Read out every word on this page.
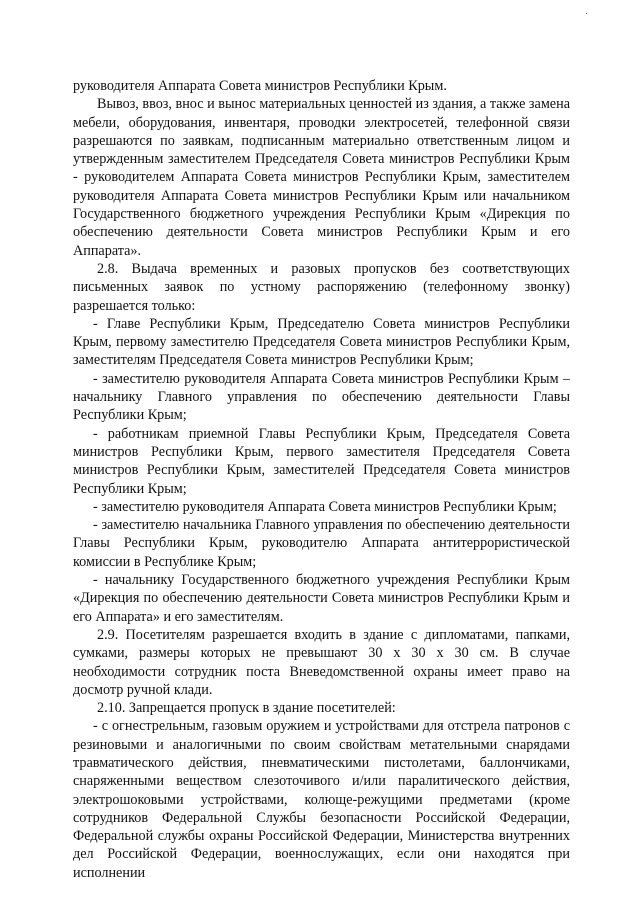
руководителя Аппарата Совета министров Республики Крым.

Вывоз, ввоз, внос и вынос материальных ценностей из здания, а также замена мебели, оборудования, инвентаря, проводки электросетей, телефонной связи разрешаются по заявкам, подписанным материально ответственным лицом и утвержденным заместителем Председателя Совета министров Республики Крым - руководителем Аппарата Совета министров Республики Крым, заместителем руководителя Аппарата Совета министров Республики Крым или начальником Государственного бюджетного учреждения Республики Крым «Дирекция по обеспечению деятельности Совета министров Республики Крым и его Аппарата».

2.8. Выдача временных и разовых пропусков без соответствующих письменных заявок по устному распоряжению (телефонному звонку) разрешается только:

- Главе Республики Крым, Председателю Совета министров Республики Крым, первому заместителю Председателя Совета министров Республики Крым, заместителям Председателя Совета министров Республики Крым;

- заместителю руководителя Аппарата Совета министров Республики Крым – начальнику Главного управления по обеспечению деятельности Главы Республики Крым;

- работникам приемной Главы Республики Крым, Председателя Совета министров Республики Крым, первого заместителя Председателя Совета министров Республики Крым, заместителей Председателя Совета министров Республики Крым;

- заместителю руководителя Аппарата Совета министров Республики Крым;

- заместителю начальника Главного управления по обеспечению деятельности Главы Республики Крым, руководителю Аппарата антитеррористической комиссии в Республике Крым;

- начальнику Государственного бюджетного учреждения Республики Крым «Дирекция по обеспечению деятельности Совета министров Республики Крым и его Аппарата» и его заместителям.

2.9. Посетителям разрешается входить в здание с дипломатами, папками, сумками, размеры которых не превышают 30 х 30 х 30 см. В случае необходимости сотрудник поста Вневедомственной охраны имеет право на досмотр ручной клади.

2.10. Запрещается пропуск в здание посетителей:

- с огнестрельным, газовым оружием и устройствами для отстрела патронов с резиновыми и аналогичными по своим свойствам метательными снарядами травматического действия, пневматическими пистолетами, баллончиками, снаряженными веществом слезоточивого и/или паралитического действия, электрошоковыми устройствами, колюще-режущими предметами (кроме сотрудников Федеральной Службы безопасности Российской Федерации, Федеральной службы охраны Российской Федерации, Министерства внутренних дел Российской Федерации, военнослужащих, если они находятся при исполнении
